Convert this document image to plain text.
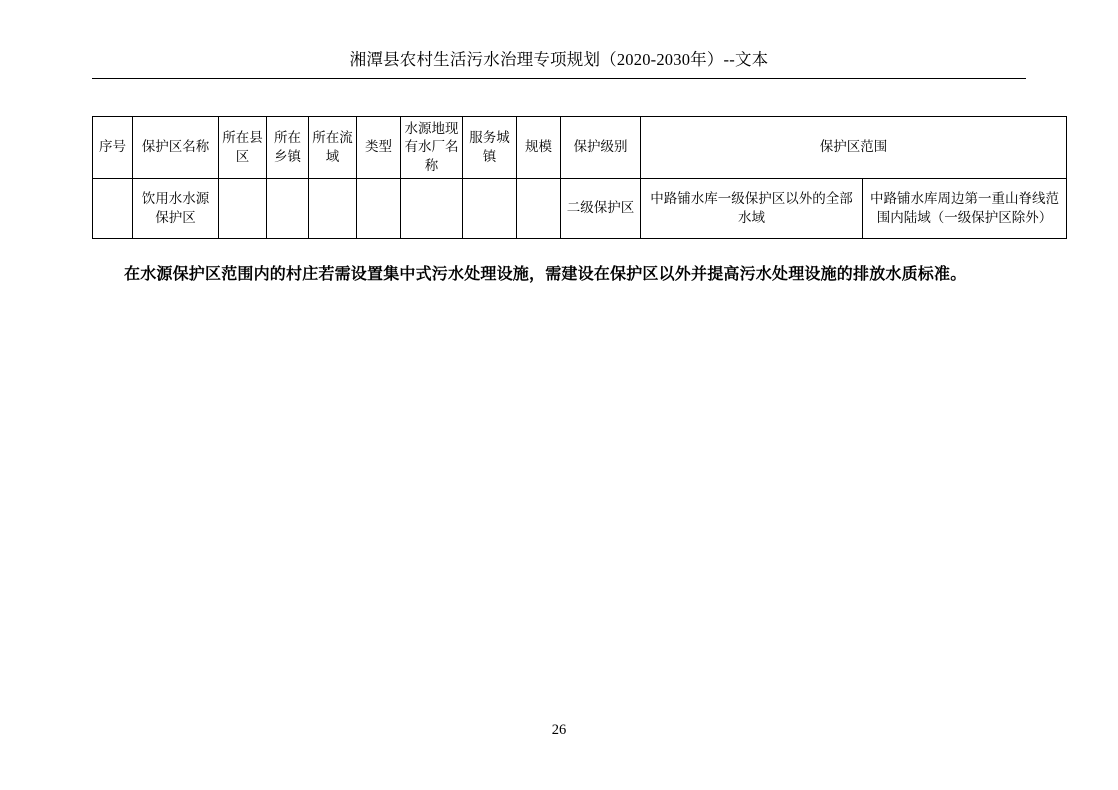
湘潭县农村生活污水治理专项规划（2020-2030年）--文本
序号	保护区名称	所在县区	所在乡镇	所在流域	类型	水源地现有水厂名称	服务城镇	规模	保护级别	保护区范围	
	饮用水水源保护区								二级保护区	中路铺水库一级保护区以外的全部水域	中路铺水库周边第一重山脊线范围内陆域（一级保护区除外）
在水源保护区范围内的村庄若需设置集中式污水处理设施，需建设在保护区以外并提高污水处理设施的排放水质标准。
26
